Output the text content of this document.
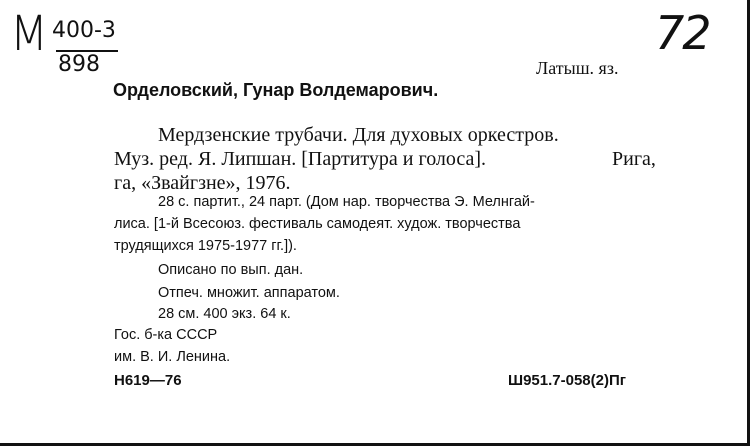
М 400-3
898
72
Латыш. яз.
Орделовский, Гунар Волдемарович.
Мердзенские трубачи. Для духовых оркестров.
Муз. ред. Я. Липшан. [Партитура и голоса].	Рига,
га, «Звайгзне», 1976.
28 с. партит., 24 парт. (Дом нар. творчества Э. Мелнгай-
лиса. [1-й Всесоюз. фестиваль самодеят. худож. творчества
трудящихся 1975-1977 гг.]).
Описано по вып. дан.
Отпеч. множит. аппаратом.
28 см. 400 экз. 64 к.
Гос. б-ка СССР
им. В. И. Ленина.
Н619—76	Ш951.7-058(2)Пг
